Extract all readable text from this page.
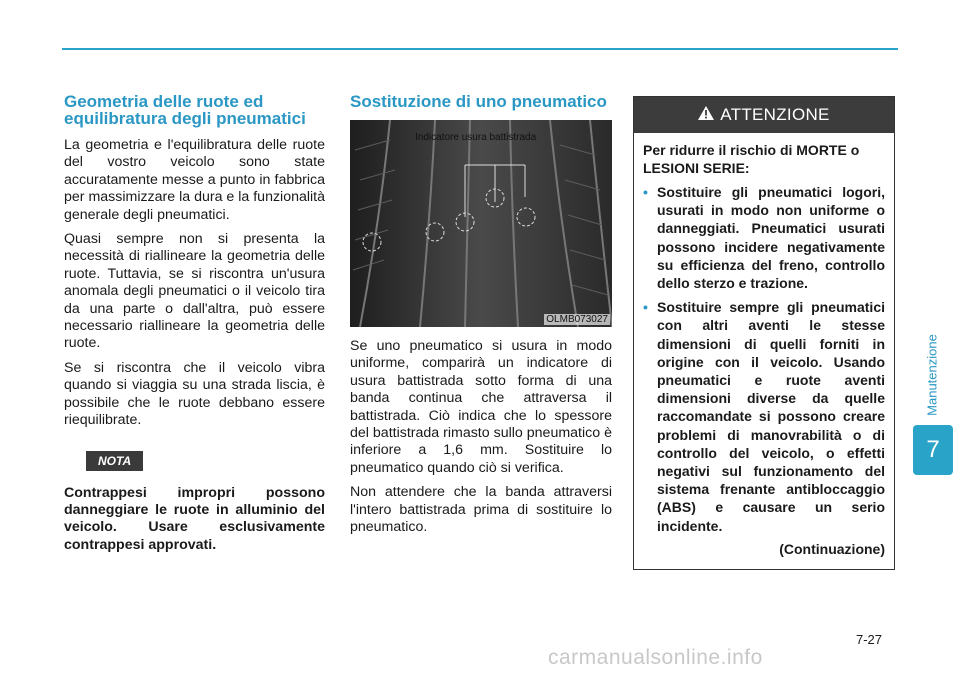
Geometria delle ruote ed equilibratura degli pneumatici

La geometria e l'equilibratura delle ruote del vostro veicolo sono state accuratamente messe a punto in fabbrica per massimizzare la dura e la funzionalità generale degli pneumatici.

Quasi sempre non si presenta la necessità di riallineare la geometria delle ruote. Tuttavia, se si riscontra un'usura anomala degli pneumatici o il veicolo tira da una parte o dall'altra, può essere necessario riallineare la geometria delle ruote.

Se si riscontra che il veicolo vibra quando si viaggia su una strada liscia, è possibile che le ruote debbano essere riequilibrate.

NOTA

Contrappesi impropri possono danneggiare le ruote in alluminio del veicolo. Usare esclusivamente contrappesi approvati.

Sostituzione di uno pneumatico
Indicatore usura battistrada
OLMB073027

Se uno pneumatico si usura in modo uniforme, comparirà un indicatore di usura battistrada sotto forma di una banda continua che attraversa il battistrada. Ciò indica che lo spessore del battistrada rimasto sullo pneumatico è inferiore a 1,6 mm. Sostituire lo pneumatico quando ciò si verifica.

Non attendere che la banda attraversi l'intero battistrada prima di sostituire lo pneumatico.

ATTENZIONE

Per ridurre il rischio di MORTE o LESIONI SERIE:

• Sostituire gli pneumatici logori, usurati in modo non uniforme o danneggiati. Pneumatici usurati possono incidere negativamente su efficienza del freno, controllo dello sterzo e trazione.
• Sostituire sempre gli pneumatici con altri aventi le stesse dimensioni di quelli forniti in origine con il veicolo. Usando pneumatici e ruote aventi dimensioni diverse da quelle raccomandate si possono creare problemi di manovrabilità o di controllo del veicolo, o effetti negativi sul funzionamento del sistema frenante antibloccaggio (ABS) e causare un serio incidente.
(Continuazione)
Manutenzione
7
7-27
carmanualsonline.info
